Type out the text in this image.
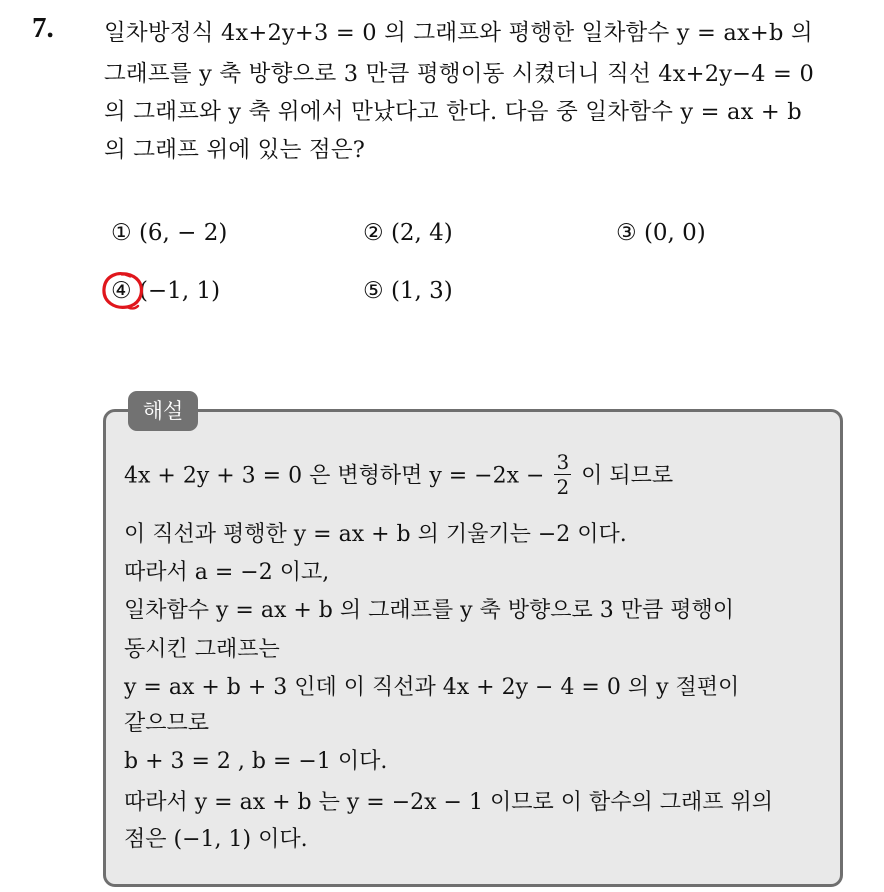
7. 일차방정식 4x+2y+3 = 0 의 그래프와 평행한 일차함수 y = ax+b 의
그래프를 y 축 방향으로 3 만큼 평행이동 시켰더니 직선 4x+2y−4 = 0
의 그래프와 y 축 위에서 만났다고 한다. 다음 중 일차함수 y = ax + b
의 그래프 위에 있는 점은?
① (6, − 2)	② (2, 4)	③ (0, 0)
④ (−1, 1)	⑤ (1, 3)
해설
4x + 2y + 3 = 0 은 변형하면 $y = -2x - \frac{3}{2}$ 이 되므로
이 직선과 평행한 y = ax + b 의 기울기는 −2 이다.
따라서 a = −2 이고,
일차함수 y = ax + b 의 그래프를 y 축 방향으로 3 만큼 평행이
동시킨 그래프는
y = ax + b + 3 인데 이 직선과 4x + 2y − 4 = 0 의 y 절편이
같으므로
b + 3 = 2 , b = −1 이다.
따라서 y = ax + b 는 y = −2x − 1 이므로 이 함수의 그래프 위의
점은 (−1, 1) 이다.
